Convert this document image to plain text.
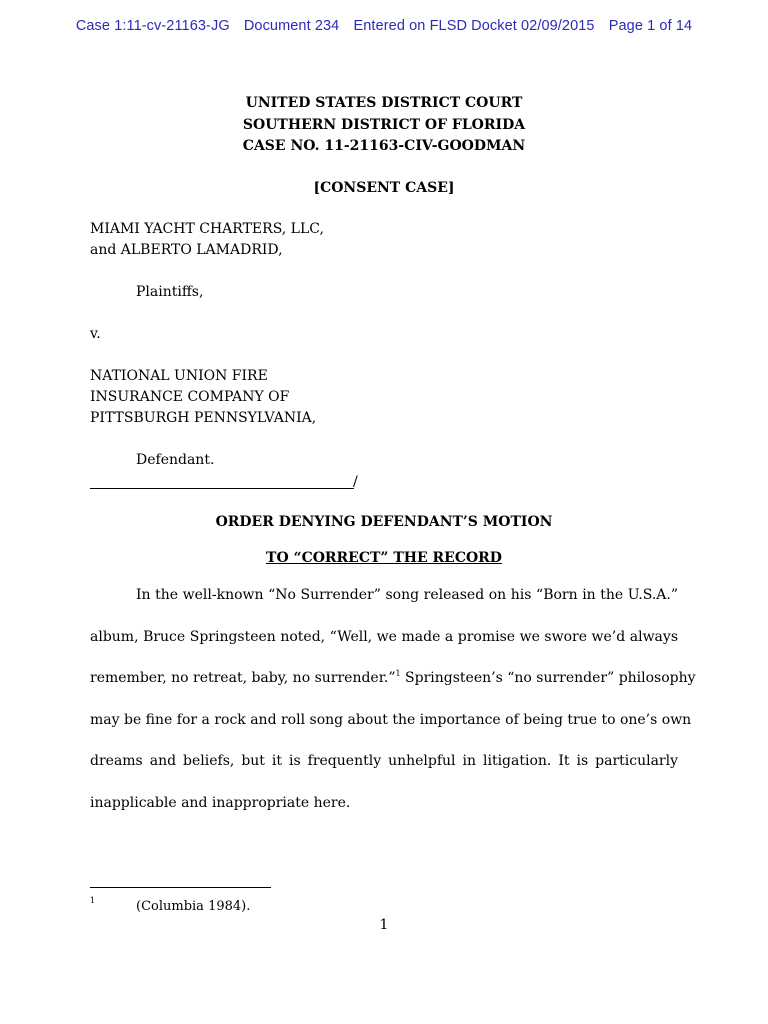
Case 1:11-cv-21163-JG Document 234 Entered on FLSD Docket 02/09/2015 Page 1 of 14
UNITED STATES DISTRICT COURT
SOUTHERN DISTRICT OF FLORIDA
CASE NO. 11-21163-CIV-GOODMAN
[CONSENT CASE]
MIAMI YACHT CHARTERS, LLC,
and ALBERTO LAMADRID,
Plaintiffs,
v.
NATIONAL UNION FIRE
INSURANCE COMPANY OF
PITTSBURGH PENNSYLVANIA,
Defendant.
/
ORDER DENYING DEFENDANT’S MOTION
TO “CORRECT” THE RECORD
In the well-known “No Surrender” song released on his “Born in the U.S.A.”
album, Bruce Springsteen noted, “Well, we made a promise we swore we’d always
remember, no retreat, baby, no surrender.”$^1$ Springsteen’s “no surrender” philosophy
may be fine for a rock and roll song about the importance of being true to one’s own
dreams and beliefs, but it is frequently unhelpful in litigation. It is particularly
inapplicable and inappropriate here.
1	(Columbia 1984).
1
